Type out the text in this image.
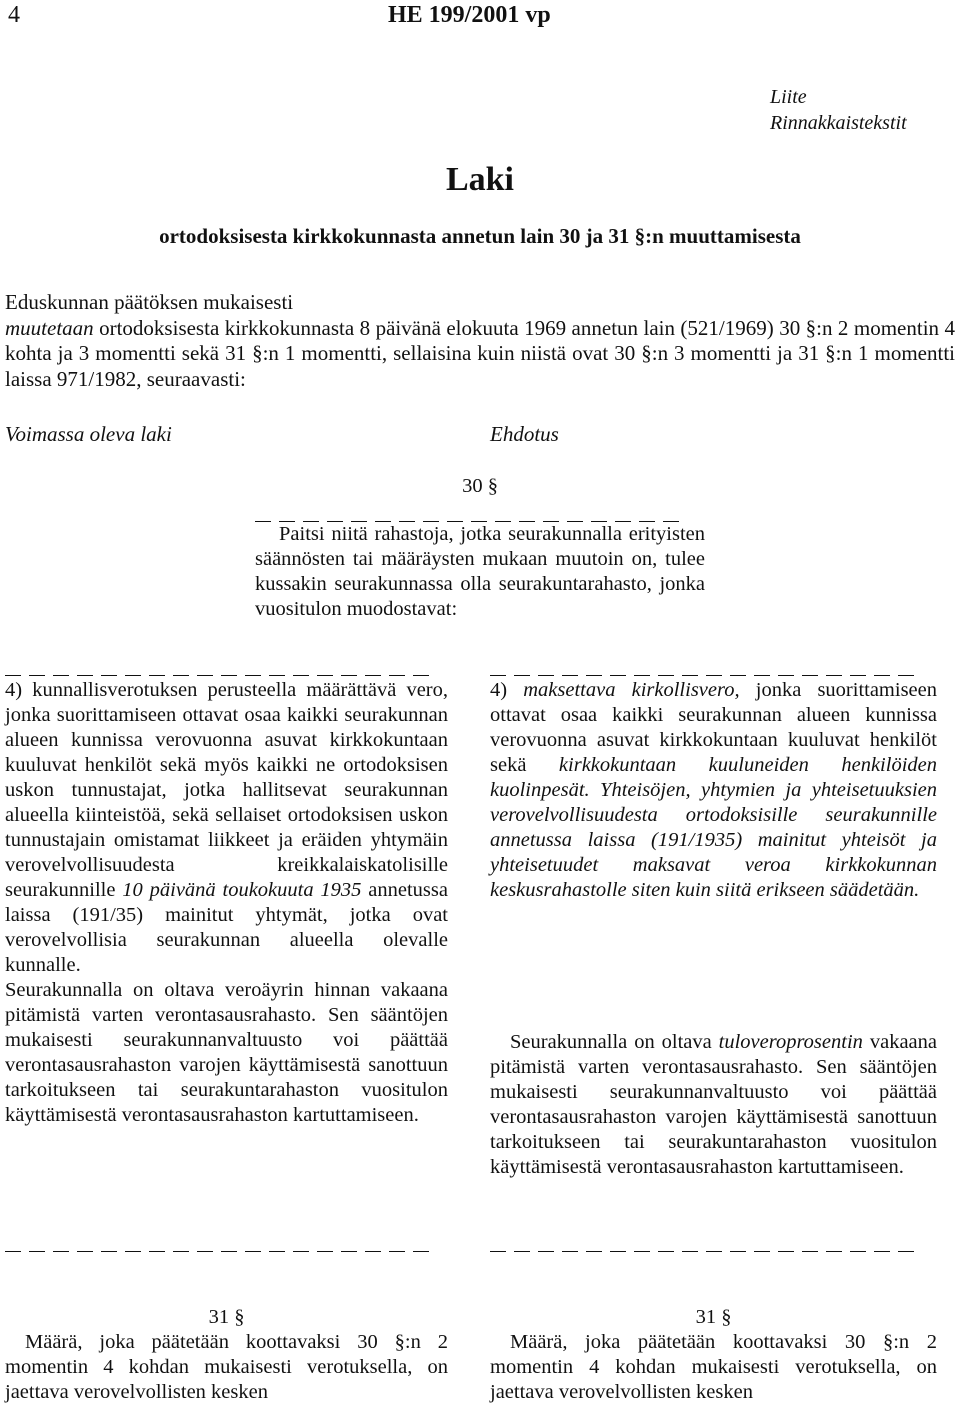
4	HE 199/2001 vp
Liite
Rinnakkaistekstit
Laki
ortodoksisesta kirkkokunnasta annetun lain 30 ja 31 §:n muuttamisesta

Eduskunnan päätöksen mukaisesti

muutetaan ortodoksisesta kirkkokunnasta 8 päivänä elokuuta 1969 annetun lain (521/1969) 30 §:n 2 momentin 4 kohta ja 3 momentti sekä 31 §:n 1 momentti, sellaisina kuin niistä ovat 30 §:n 3 momentti ja 31 §:n 1 momentti laissa 971/1982, seuraavasti:

Voimassa oleva laki	Ehdotus
30 §
Paitsi niitä rahastoja, jotka seurakunnalla erityisten säännösten tai määräysten mukaan muutoin on, tulee kussakin seurakunnassa olla seurakuntarahasto, jonka vuositulon muodostavat:

4) kunnallisverotuksen perusteella määrättävä vero, jonka suorittamiseen ottavat osaa kaikki seurakunnan alueen kunnissa verovuonna asuvat kirkkokuntaan kuuluvat henkilöt sekä myös kaikki ne ortodoksisen uskon tunnustajat, jotka hallitsevat seurakunnan alueella kiinteistöä, sekä sellaiset ortodoksisen uskon tunnustajain omistamat liikkeet ja eräiden yhtymäin verovelvollisuudesta kreikkalaiskatolisille seurakunnille 10 päivänä toukokuuta 1935 annetussa laissa (191/35) mainitut yhtymät, jotka ovat verovelvollisia seurakunnan alueella olevalle kunnalle.

Seurakunnalla on oltava veroäyrin hinnan vakaana pitämistä varten verontasausrahasto. Sen sääntöjen mukaisesti seurakunnanvaltuusto voi päättää verontasausrahaston varojen käyttämisestä sanottuun tarkoitukseen tai seurakuntarahaston vuositulon käyttämisestä verontasausrahaston kartuttamiseen.

4) maksettava kirkollisvero, jonka suorittamiseen ottavat osaa kaikki seurakunnan alueen kunnissa verovuonna asuvat kirkkokuntaan kuuluvat henkilöt sekä kirkkokuntaan kuuluneiden henkilöiden kuolinpesät. Yhteisöjen, yhtymien ja yhteisetuuksien verovelvollisuudesta ortodoksisille seurakunnille annetussa laissa (191/1935) mainitut yhteisöt ja yhteisetuudet maksavat veroa kirkkokunnan keskusrahastolle siten kuin siitä erikseen säädetään.

Seurakunnalla on oltava tuloveroprosentin vakaana pitämistä varten verontasausrahasto. Sen sääntöjen mukaisesti seurakunnanvaltuusto voi päättää verontasausrahaston varojen käyttämisestä sanottuun tarkoitukseen tai seurakuntarahaston vuositulon käyttämisestä verontasausrahaston kartuttamiseen.
31 §
Määrä, joka päätetään koottavaksi 30 §:n 2 momentin 4 kohdan mukaisesti verotuksella, on jaettava verovelvollisten kesken
31 §
Määrä, joka päätetään koottavaksi 30 §:n 2 momentin 4 kohdan mukaisesti verotuksella, on jaettava verovelvollisten kesken
